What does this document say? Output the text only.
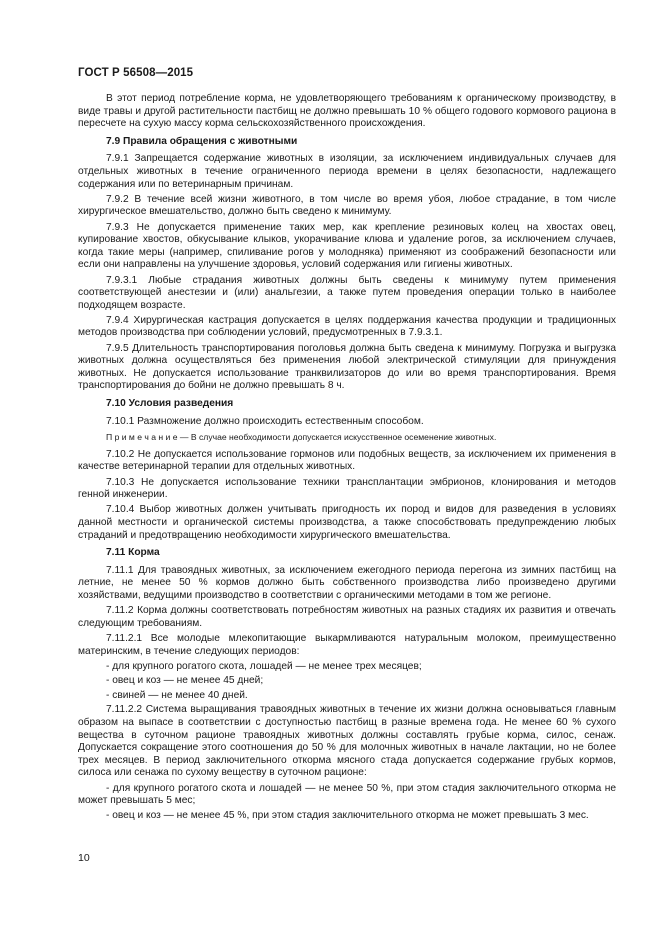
ГОСТ Р 56508—2015
В этот период потребление корма, не удовлетворяющего требованиям к органическому производству, в виде травы и другой растительности пастбищ не должно превышать 10 % общего годового кормового рациона в пересчете на сухую массу корма сельскохозяйственного происхождения.
7.9 Правила обращения с животными
7.9.1 Запрещается содержание животных в изоляции, за исключением индивидуальных случаев для отдельных животных в течение ограниченного периода времени в целях безопасности, надлежащего содержания или по ветеринарным причинам.
7.9.2 В течение всей жизни животного, в том числе во время убоя, любое страдание, в том числе хирургическое вмешательство, должно быть сведено к минимуму.
7.9.3 Не допускается применение таких мер, как крепление резиновых колец на хвостах овец, купирование хвостов, обкусывание клыков, укорачивание клюва и удаление рогов, за исключением случаев, когда такие меры (например, спиливание рогов у молодняка) применяют из соображений безопасности или если они направлены на улучшение здоровья, условий содержания или гигиены животных.
7.9.3.1 Любые страдания животных должны быть сведены к минимуму путем применения соответствующей анестезии и (или) анальгезии, а также путем проведения операции только в наиболее подходящем возрасте.
7.9.4 Хирургическая кастрация допускается в целях поддержания качества продукции и традиционных методов производства при соблюдении условий, предусмотренных в 7.9.3.1.
7.9.5 Длительность транспортирования поголовья должна быть сведена к минимуму. Погрузка и выгрузка животных должна осуществляться без применения любой электрической стимуляции для принуждения животных. Не допускается использование транквилизаторов до или во время транспортирования. Время транспортирования до бойни не должно превышать 8 ч.
7.10 Условия разведения
7.10.1 Размножение должно происходить естественным способом.
П р и м е ч а н и е — В случае необходимости допускается искусственное осеменение животных.
7.10.2 Не допускается использование гормонов или подобных веществ, за исключением их применения в качестве ветеринарной терапии для отдельных животных.
7.10.3 Не допускается использование техники трансплантации эмбрионов, клонирования и методов генной инженерии.
7.10.4 Выбор животных должен учитывать пригодность их пород и видов для разведения в условиях данной местности и органической системы производства, а также способствовать предупреждению любых страданий и предотвращению необходимости хирургического вмешательства.
7.11 Корма
7.11.1 Для травоядных животных, за исключением ежегодного периода перегона из зимних пастбищ на летние, не менее 50 % кормов должно быть собственного производства либо произведено другими хозяйствами, ведущими производство в соответствии с органическими методами в том же регионе.
7.11.2 Корма должны соответствовать потребностям животных на разных стадиях их развития и отвечать следующим требованиям.
7.11.2.1 Все молодые млекопитающие выкармливаются натуральным молоком, преимущественно материнским, в течение следующих периодов:
- для крупного рогатого скота, лошадей — не менее трех месяцев;
- овец и коз — не менее 45 дней;
- свиней — не менее 40 дней.
7.11.2.2 Система выращивания травоядных животных в течение их жизни должна основываться главным образом на выпасе в соответствии с доступностью пастбищ в разные времена года. Не менее 60 % сухого вещества в суточном рационе травоядных животных должны составлять грубые корма, силос, сенаж. Допускается сокращение этого соотношения до 50 % для молочных животных в начале лактации, но не более трех месяцев. В период заключительного откорма мясного стада допускается содержание грубых кормов, силоса или сенажа по сухому веществу в суточном рационе:
- для крупного рогатого скота и лошадей — не менее 50 %, при этом стадия заключительного откорма не может превышать 5 мес;
- овец и коз — не менее 45 %, при этом стадия заключительного откорма не может превышать 3 мес.
10
